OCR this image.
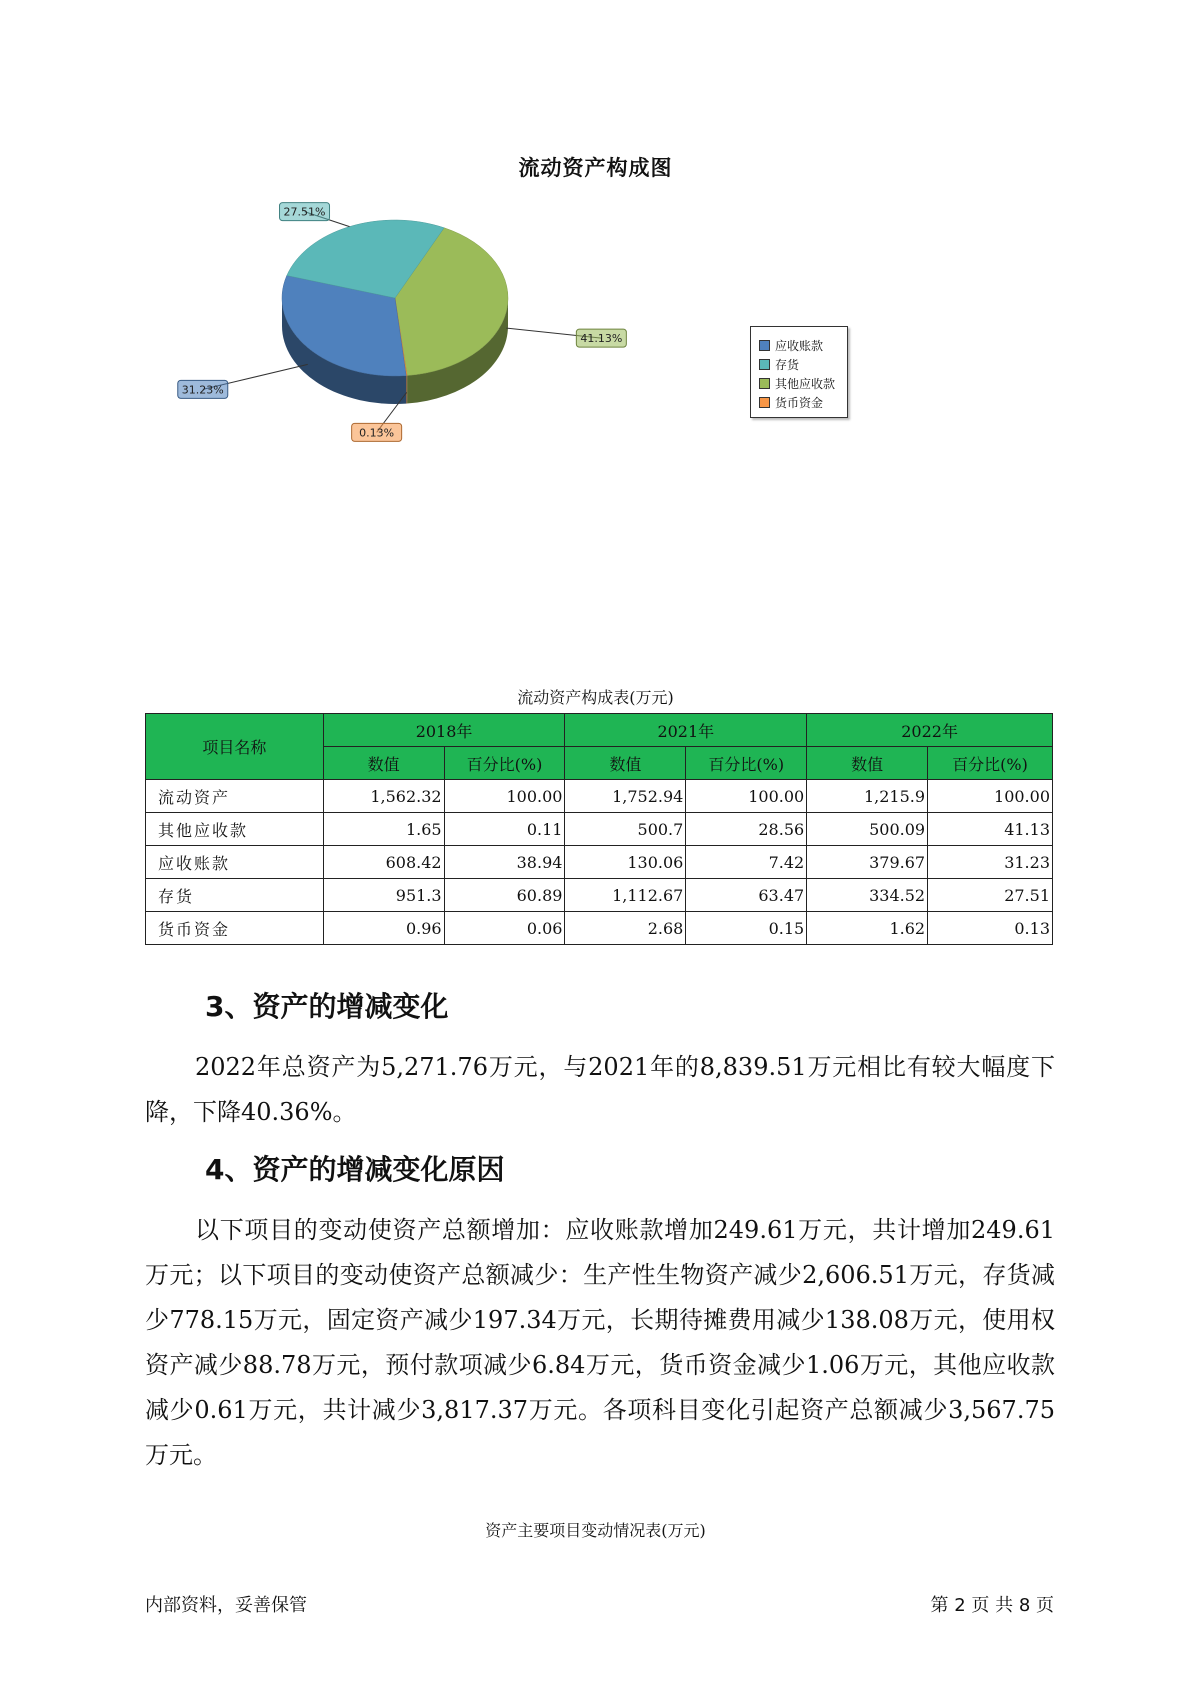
流动资产构成图
41.13%
0.13%
31.23%
27.51%
应收账款
存货
其他应收款
货币资金
流动资产构成表(万元)
项目名称	2018年		2021年		2022年	
	数值	百分比(%)	数值	百分比(%)	数值	百分比(%)
流动资产	1,562.32	100.00	1,752.94	100.00	1,215.9	100.00
其他应收款	1.65	0.11	500.7	28.56	500.09	41.13
应收账款	608.42	38.94	130.06	7.42	379.67	31.23
存货	951.3	60.89	1,112.67	63.47	334.52	27.51
货币资金	0.96	0.06	2.68	0.15	1.62	0.13
3、资产的增减变化
2022年总资产为5,271.76万元，与2021年的8,839.51万元相比有较大幅度下降，下降40.36%。
4、资产的增减变化原因
以下项目的变动使资产总额增加：应收账款增加249.61万元，共计增加249.61万元；以下项目的变动使资产总额减少：生产性生物资产减少2,606.51万元，存货减少778.15万元，固定资产减少197.34万元，长期待摊费用减少138.08万元，使用权资产减少88.78万元，预付款项减少6.84万元，货币资金减少1.06万元，其他应收款减少0.61万元，共计减少3,817.37万元。各项科目变化引起资产总额减少3,567.75万元。
资产主要项目变动情况表(万元)
内部资料，妥善保管	第 2 页 共 8 页
